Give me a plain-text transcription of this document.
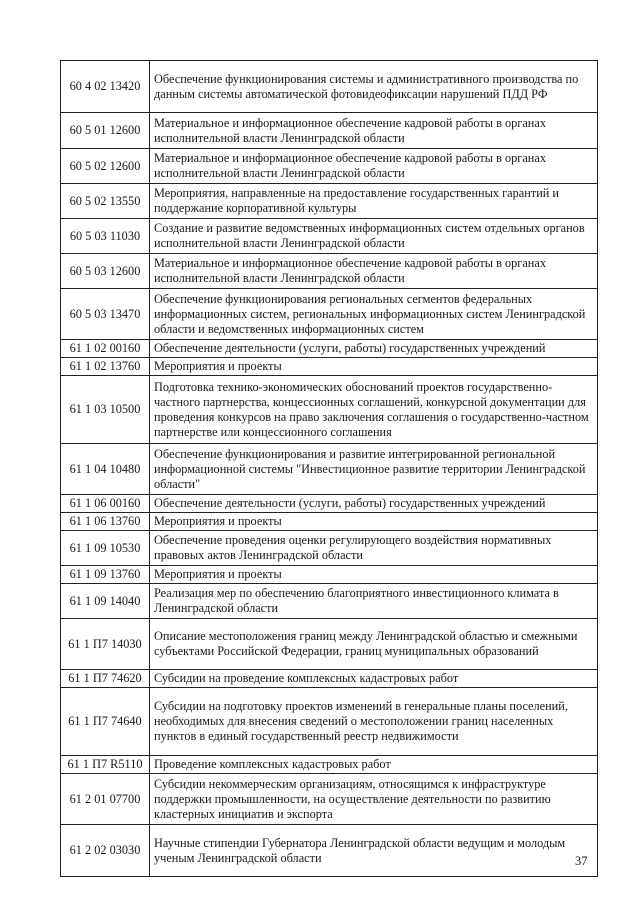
60 4 02 13420	Обеспечение функционирования системы и административного производства по данным системы автоматической фотовидеофиксации нарушений ПДД РФ
60 5 01 12600	Материальное и информационное обеспечение кадровой работы в органах исполнительной власти Ленинградской области
60 5 02 12600	Материальное и информационное обеспечение кадровой работы в органах исполнительной власти Ленинградской области
60 5 02 13550	Мероприятия, направленные на предоставление государственных гарантий и поддержание корпоративной культуры
60 5 03 11030	Создание и развитие ведомственных информационных систем отдельных органов исполнительной власти Ленинградской области
60 5 03 12600	Материальное и информационное обеспечение кадровой работы в органах исполнительной власти Ленинградской области
60 5 03 13470	Обеспечение функционирования региональных сегментов федеральных информационных систем, региональных информационных систем Ленинградской области и ведомственных информационных систем
61 1 02 00160	Обеспечение деятельности (услуги, работы) государственных учреждений
61 1 02 13760	Мероприятия и проекты
61 1 03 10500	Подготовка технико-экономических обоснований проектов государственно-частного партнерства, концессионных соглашений, конкурсной документации для проведения конкурсов на право заключения соглашения о государственно-частном партнерстве или концессионного соглашения
61 1 04 10480	Обеспечение функционирования и развитие интегрированной региональной информационной системы "Инвестиционное развитие территории Ленинградской области"
61 1 06 00160	Обеспечение деятельности (услуги, работы) государственных учреждений
61 1 06 13760	Мероприятия и проекты
61 1 09 10530	Обеспечение проведения оценки регулирующего воздействия нормативных правовых актов Ленинградской области
61 1 09 13760	Мероприятия и проекты
61 1 09 14040	Реализация мер по обеспечению благоприятного инвестиционного климата в Ленинградской области
61 1 П7 14030	Описание местоположения границ между Ленинградской областью и смежными субъектами Российской Федерации, границ муниципальных образований
61 1 П7 74620	Субсидии на проведение комплексных кадастровых работ
61 1 П7 74640	Субсидии на подготовку проектов изменений в генеральные планы поселений, необходимых для внесения сведений о местоположении границ населенных пунктов в единый государственный реестр недвижимости
61 1 П7 R5110	Проведение комплексных кадастровых работ
61 2 01 07700	Субсидии некоммерческим организациям, относящимся к инфраструктуре поддержки промышленности, на осуществление деятельности по развитию кластерных инициатив и экспорта
61 2 02 03030	Научные стипендии Губернатора Ленинградской области ведущим и молодым ученым Ленинградской области	37
